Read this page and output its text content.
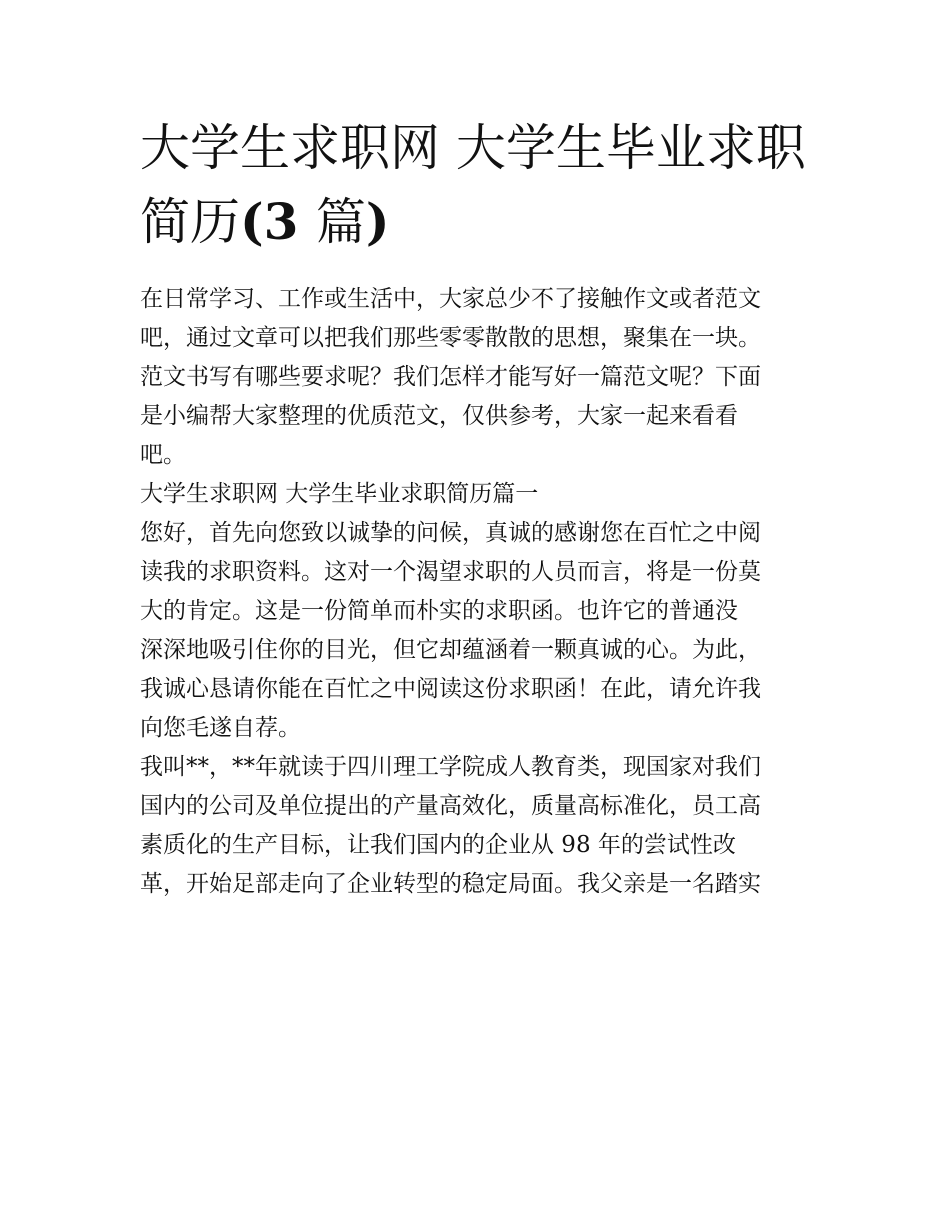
大学生求职网 大学生毕业求职
简历(3 篇)
在日常学习、工作或生活中，大家总少不了接触作文或者范文
吧，通过文章可以把我们那些零零散散的思想，聚集在一块。
范文书写有哪些要求呢？我们怎样才能写好一篇范文呢？下面
是小编帮大家整理的优质范文，仅供参考，大家一起来看看
吧。
大学生求职网 大学生毕业求职简历篇一
您好，首先向您致以诚挚的问候，真诚的感谢您在百忙之中阅
读我的求职资料。这对一个渴望求职的人员而言，将是一份莫
大的肯定。这是一份简单而朴实的求职函。也许它的普通没
深深地吸引住你的目光，但它却蕴涵着一颗真诚的心。为此，
我诚心恳请你能在百忙之中阅读这份求职函！在此，请允许我
向您毛遂自荐。
我叫**，**年就读于四川理工学院成人教育类，现国家对我们
国内的公司及单位提出的产量高效化，质量高标准化，员工高
素质化的生产目标，让我们国内的企业从 98 年的尝试性改
革，开始足部走向了企业转型的稳定局面。我父亲是一名踏实
